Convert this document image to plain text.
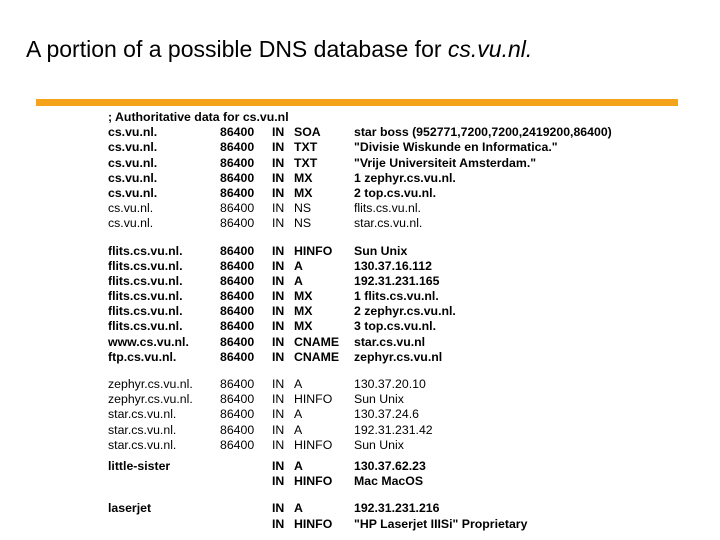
A portion of a possible DNS database for cs.vu.nl.
; Authoritative data for cs.vu.nl
cs.vu.nl.	86400 IN SOA	star boss (952771,7200,7200,2419200,86400)
cs.vu.nl.	86400 IN TXT	"Divisie Wiskunde en Informatica."
cs.vu.nl.	86400 IN TXT	"Vrije Universiteit Amsterdam."
cs.vu.nl.	86400 IN MX	1 zephyr.cs.vu.nl.
cs.vu.nl.	86400 IN MX	2 top.cs.vu.nl.
cs.vu.nl.	86400 IN NS	flits.cs.vu.nl.
cs.vu.nl.	86400 IN NS	star.cs.vu.nl.
flits.cs.vu.nl.	86400 IN HINFO Sun Unix
flits.cs.vu.nl.	86400 IN A	130.37.16.112
flits.cs.vu.nl.	86400 IN A	192.31.231.165
flits.cs.vu.nl.	86400 IN MX	1 flits.cs.vu.nl.
flits.cs.vu.nl.	86400 IN MX	2 zephyr.cs.vu.nl.
flits.cs.vu.nl.	86400 IN MX	3 top.cs.vu.nl.
www.cs.vu.nl.	86400 IN CNAME star.cs.vu.nl
ftp.cs.vu.nl.	86400 IN CNAME zephyr.cs.vu.nl
zephyr.cs.vu.nl. 86400 IN A	130.37.20.10
zephyr.cs.vu.nl. 86400 IN HINFO Sun Unix
star.cs.vu.nl.	86400 IN A	130.37.24.6
star.cs.vu.nl.	86400 IN A	192.31.231.42
star.cs.vu.nl.	86400 IN HINFO Sun Unix
little-sister	IN A	130.37.62.23
IN HINFO Mac MacOS
laserjet	IN A	192.31.231.216
IN HINFO "HP Laserjet IIISi" Proprietary
